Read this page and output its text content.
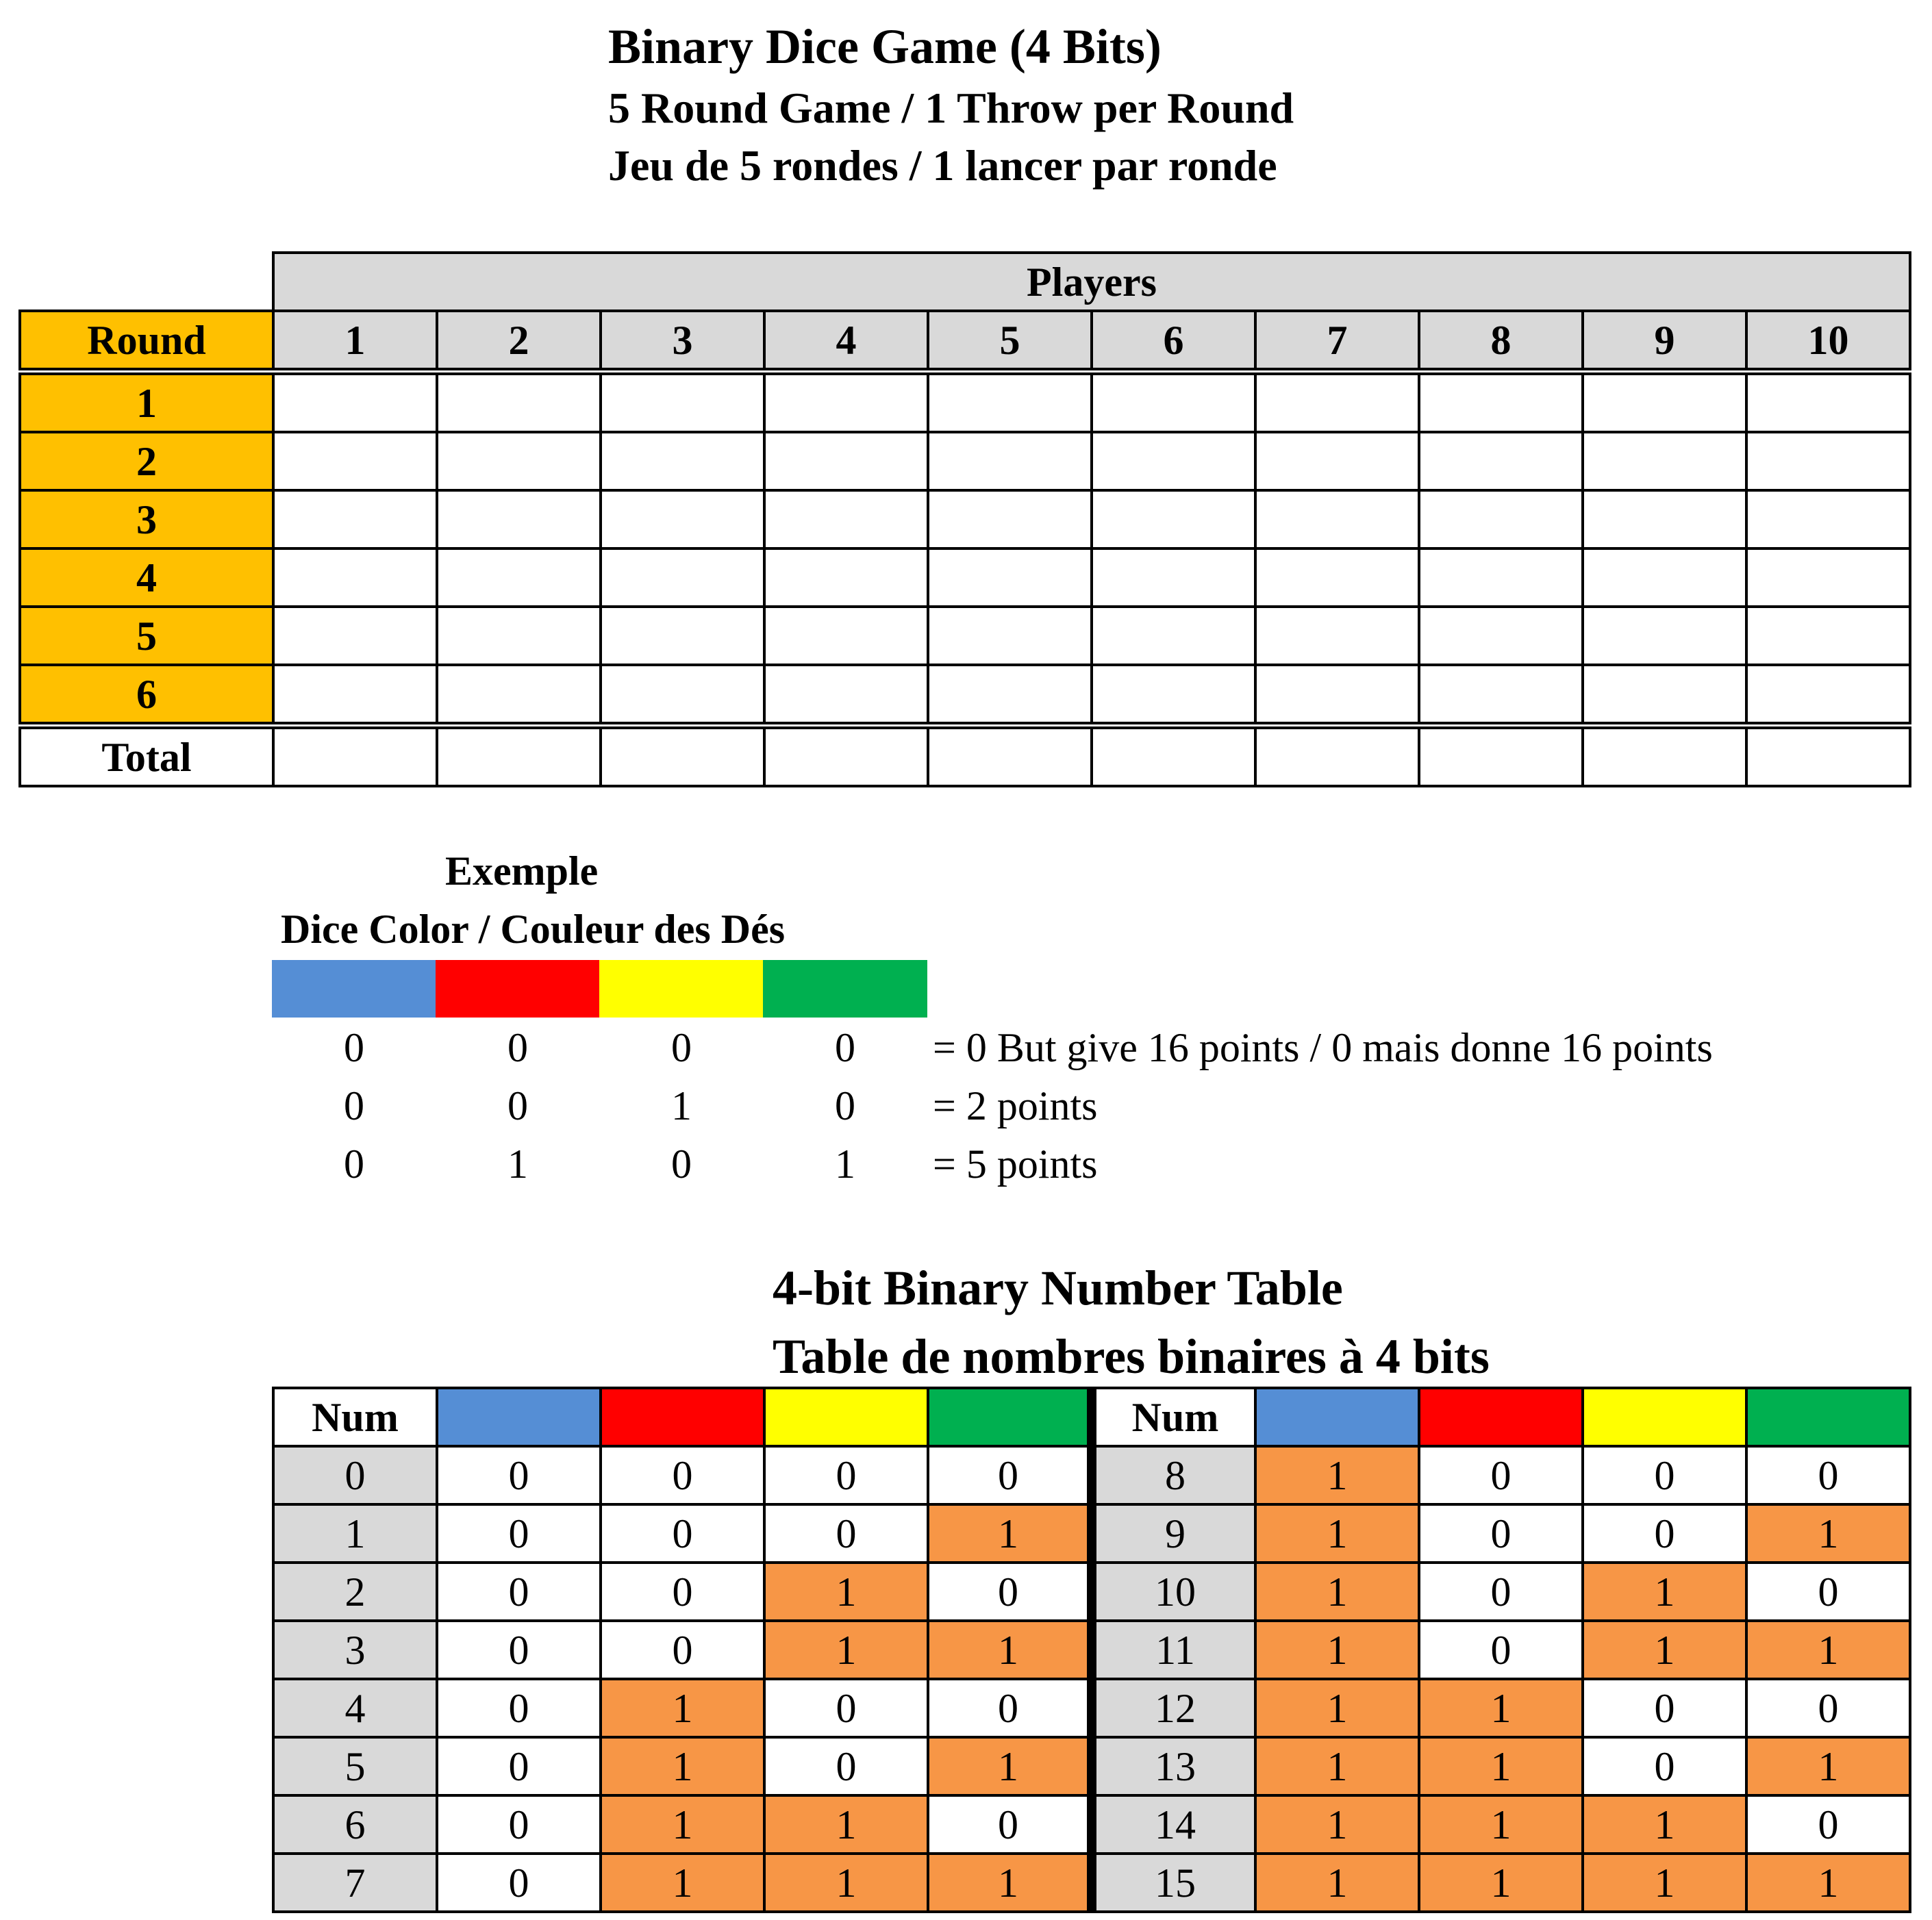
Binary Dice Game (4 Bits)
5 Round Game / 1 Throw per Round
Jeu de 5 rondes / 1 lancer par ronde
	Players									
Round	1	2	3	4	5	6	7	8	9	10
1										
2										
3										
4										
5										
6										
Total										
Exemple
Dice Color / Couleur des Dés
0	0	0	0	= 0 But give 16 points / 0 mais donne 16 points
0	0	1	0	= 2 points
0	1	0	1	= 5 points
4-bit Binary Number Table
Table de nombres binaires à 4 bits
Num					Num				
0	0	0	0	0	8	1	0	0	0
1	0	0	0	1	9	1	0	0	1
2	0	0	1	0	10	1	0	1	0
3	0	0	1	1	11	1	0	1	1
4	0	1	0	0	12	1	1	0	0
5	0	1	0	1	13	1	1	0	1
6	0	1	1	0	14	1	1	1	0
7	0	1	1	1	15	1	1	1	1
